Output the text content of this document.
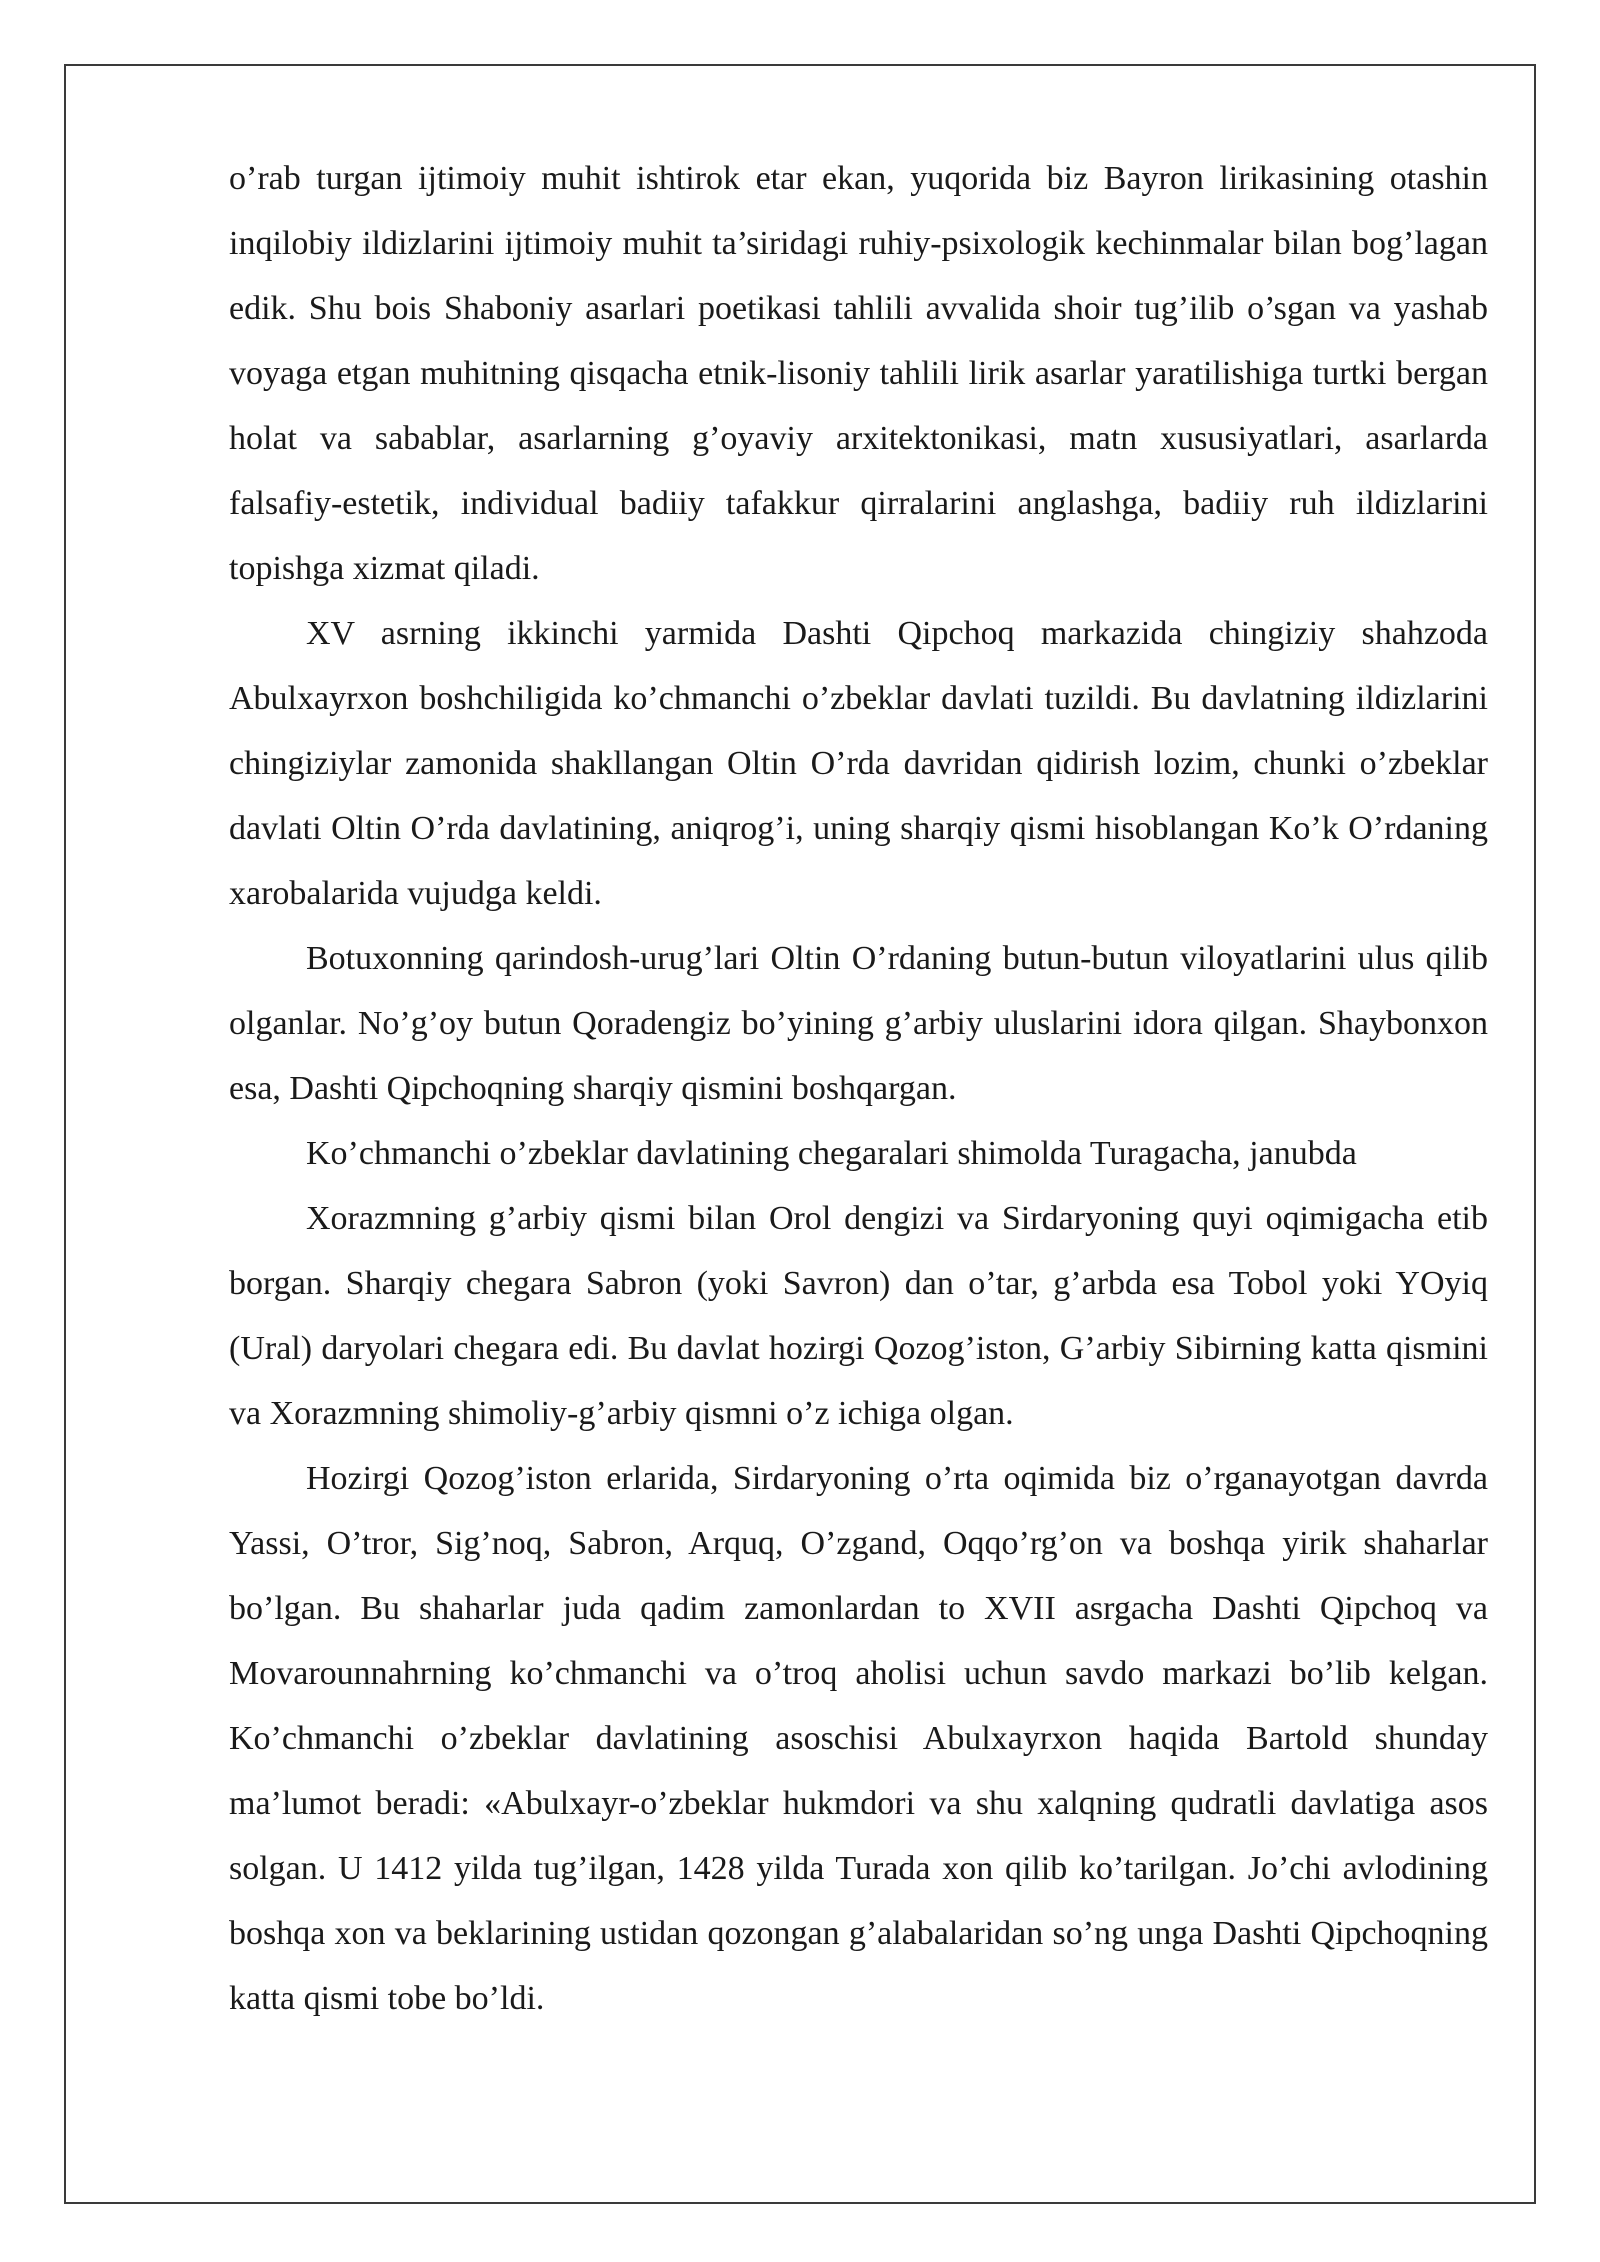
o’rab turgan ijtimoiy muhit ishtirok etar ekan, yuqorida biz Bayron lirikasining otashin inqilobiy ildizlarini ijtimoiy muhit ta’siridagi ruhiy-psixologik kechinmalar bilan bog’lagan edik. Shu bois Shaboniy asarlari poetikasi tahlili avvalida shoir tug’ilib o’sgan va yashab voyaga etgan muhitning qisqacha etnik-lisoniy tahlili lirik asarlar yaratilishiga turtki bergan holat va sabablar, asarlarning g’oyaviy arxitektonikasi, matn xususiyatlari, asarlarda falsafiy-estetik, individual badiiy tafakkur qirralarini anglashga, badiiy ruh ildizlarini topishga xizmat qiladi.

XV asrning ikkinchi yarmida Dashti Qipchoq markazida chingiziy shahzoda Abulxayrxon boshchiligida ko’chmanchi o’zbeklar davlati tuzildi. Bu davlatning ildizlarini chingiziylar zamonida shakllangan Oltin O’rda davridan qidirish lozim, chunki o’zbeklar davlati Oltin O’rda davlatining, aniqrog’i, uning sharqiy qismi hisoblangan Ko’k O’rdaning xarobalarida vujudga keldi.

Botuxonning qarindosh-urug’lari Oltin O’rdaning butun-butun viloyatlarini ulus qilib olganlar. No’g’oy butun Qoradengiz bo’yining g’arbiy uluslarini idora qilgan. Shaybonxon esa, Dashti Qipchoqning sharqiy qismini boshqargan.

Ko’chmanchi o’zbeklar davlatining chegaralari shimolda Turagacha, janubda

Xorazmning g’arbiy qismi bilan Orol dengizi va Sirdaryoning quyi oqimigacha etib borgan. Sharqiy chegara Sabron (yoki Savron) dan o’tar, g’arbda esa Tobol yoki YOyiq (Ural) daryolari chegara edi. Bu davlat hozirgi Qozog’iston, G’arbiy Sibirning katta qismini va Xorazmning shimoliy-g’arbiy qismni o’z ichiga olgan.

Hozirgi Qozog’iston erlarida, Sirdaryoning o’rta oqimida biz o’rganayotgan davrda Yassi, O’tror, Sig’noq, Sabron, Arquq, O’zgand, Oqqo’rg’on va boshqa yirik shaharlar bo’lgan. Bu shaharlar juda qadim zamonlardan to XVII asrgacha Dashti Qipchoq va Movarounnahrning ko’chmanchi va o’troq aholisi uchun savdo markazi bo’lib kelgan. Ko’chmanchi o’zbeklar davlatining asoschisi Abulxayrxon haqida Bartold shunday ma’lumot beradi: «Abulxayr-o’zbeklar hukmdori va shu xalqning qudratli davlatiga asos solgan. U 1412 yilda tug’ilgan, 1428 yilda Turada xon qilib ko’tarilgan. Jo’chi avlodining boshqa xon va beklarining ustidan qozongan g’alabalaridan so’ng unga Dashti Qipchoqning katta qismi tobe bo’ldi.
